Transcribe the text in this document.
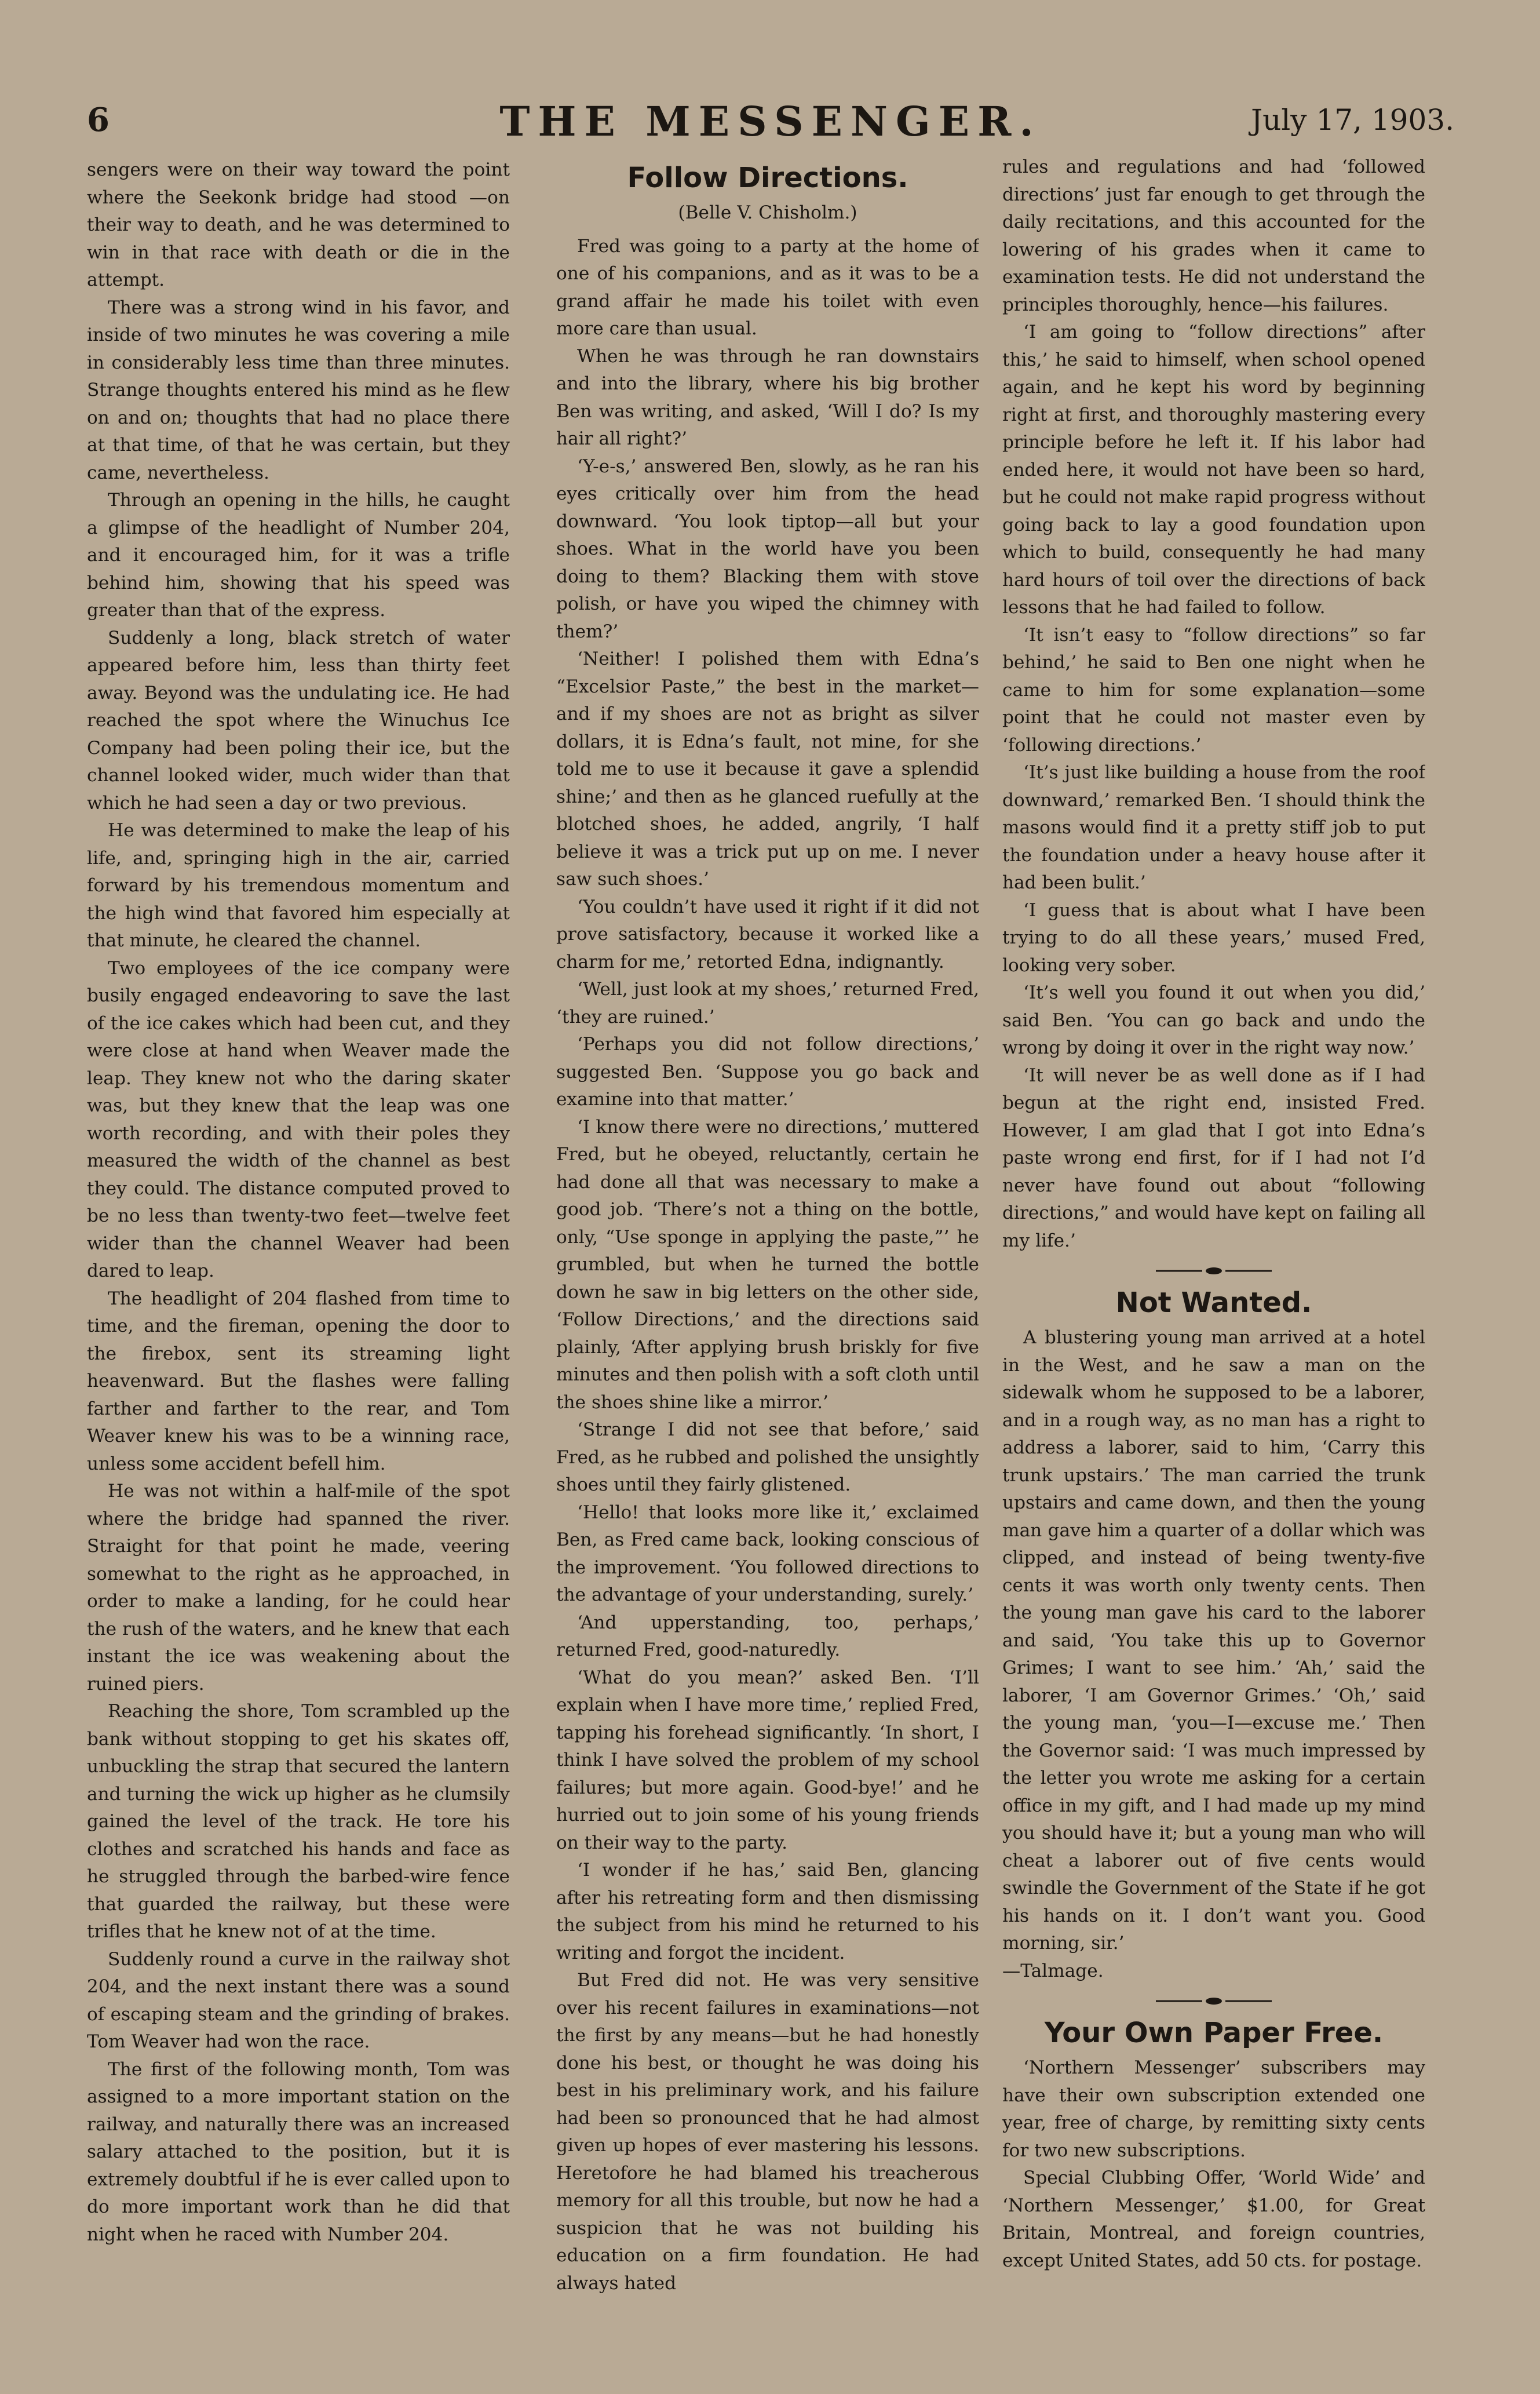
6	THE MESSENGER.	July 17, 1903.

sengers were on their way toward the point where the Seekonk bridge had stood —on their way to death, and he was determined to win in that race with death or die in the attempt.

There was a strong wind in his favor, and inside of two minutes he was covering a mile in considerably less time than three minutes. Strange thoughts entered his mind as he flew on and on; thoughts that had no place there at that time, of that he was certain, but they came, nevertheless.

Through an opening in the hills, he caught a glimpse of the headlight of Number 204, and it encouraged him, for it was a trifle behind him, showing that his speed was greater than that of the express.

Suddenly a long, black stretch of water appeared before him, less than thirty feet away. Beyond was the undulating ice. He had reached the spot where the Winuchus Ice Company had been poling their ice, but the channel looked wider, much wider than that which he had seen a day or two previous.

He was determined to make the leap of his life, and, springing high in the air, carried forward by his tremendous momentum and the high wind that favored him especially at that minute, he cleared the channel.

Two employees of the ice company were busily engaged endeavoring to save the last of the ice cakes which had been cut, and they were close at hand when Weaver made the leap. They knew not who the daring skater was, but they knew that the leap was one worth recording, and with their poles they measured the width of the channel as best they could. The distance computed proved to be no less than twenty-two feet—twelve feet wider than the channel Weaver had been dared to leap.

The headlight of 204 flashed from time to time, and the fireman, opening the door to the firebox, sent its streaming light heavenward. But the flashes were falling farther and farther to the rear, and Tom Weaver knew his was to be a winning race, unless some accident befell him.

He was not within a half-mile of the spot where the bridge had spanned the river. Straight for that point he made, veering somewhat to the right as he approached, in order to make a landing, for he could hear the rush of the waters, and he knew that each instant the ice was weakening about the ruined piers.

Reaching the shore, Tom scrambled up the bank without stopping to get his skates off, unbuckling the strap that secured the lantern and turning the wick up higher as he clumsily gained the level of the track. He tore his clothes and scratched his hands and face as he struggled through the barbed-wire fence that guarded the railway, but these were trifles that he knew not of at the time.

Suddenly round a curve in the railway shot 204, and the next instant there was a sound of escaping steam and the grinding of brakes. Tom Weaver had won the race.

The first of the following month, Tom was assigned to a more important station on the railway, and naturally there was an increased salary attached to the position, but it is extremely doubtful if he is ever called upon to do more important work than he did that night when he raced with Number 204.

Follow Directions.

(Belle V. Chisholm.)

Fred was going to a party at the home of one of his companions, and as it was to be a grand affair he made his toilet with even more care than usual.

When he was through he ran downstairs and into the library, where his big brother Ben was writing, and asked, ‘Will I do? Is my hair all right?’

‘Y-e-s,’ answered Ben, slowly, as he ran his eyes critically over him from the head downward. ‘You look tiptop—all but your shoes. What in the world have you been doing to them? Blacking them with stove polish, or have you wiped the chimney with them?’

‘Neither! I polished them with Edna’s “Excelsior Paste,” the best in the market—and if my shoes are not as bright as silver dollars, it is Edna’s fault, not mine, for she told me to use it because it gave a splendid shine;’ and then as he glanced ruefully at the blotched shoes, he added, angrily, ‘I half believe it was a trick put up on me. I never saw such shoes.’

‘You couldn’t have used it right if it did not prove satisfactory, because it worked like a charm for me,’ retorted Edna, indignantly.

‘Well, just look at my shoes,’ returned Fred, ‘they are ruined.’

‘Perhaps you did not follow directions,’ suggested Ben. ‘Suppose you go back and examine into that matter.’

‘I know there were no directions,’ muttered Fred, but he obeyed, reluctantly, certain he had done all that was necessary to make a good job. ‘There’s not a thing on the bottle, only, “Use sponge in applying the paste,”’ he grumbled, but when he turned the bottle down he saw in big letters on the other side, ‘Follow Directions,’ and the directions said plainly, ‘After applying brush briskly for five minutes and then polish with a soft cloth until the shoes shine like a mirror.’

‘Strange I did not see that before,’ said Fred, as he rubbed and polished the unsightly shoes until they fairly glistened.

‘Hello! that looks more like it,’ exclaimed Ben, as Fred came back, looking conscious of the improvement. ‘You followed directions to the advantage of your understanding, surely.’

‘And upperstanding, too, perhaps,’ returned Fred, good-naturedly.

‘What do you mean?’ asked Ben. ‘I’ll explain when I have more time,’ replied Fred, tapping his forehead significantly. ‘In short, I think I have solved the problem of my school failures; but more again. Good-bye!’ and he hurried out to join some of his young friends on their way to the party.

‘I wonder if he has,’ said Ben, glancing after his retreating form and then dismissing the subject from his mind he returned to his writing and forgot the incident.

But Fred did not. He was very sensitive over his recent failures in examinations—not the first by any means—but he had honestly done his best, or thought he was doing his best in his preliminary work, and his failure had been so pronounced that he had almost given up hopes of ever mastering his lessons. Heretofore he had blamed his treacherous memory for all this trouble, but now he had a suspicion that he was not building his education on a firm foundation. He had always hated

rules and regulations and had ‘followed directions’ just far enough to get through the daily recitations, and this accounted for the lowering of his grades when it came to examination tests. He did not understand the principles thoroughly, hence—his failures.

‘I am going to “follow directions” after this,’ he said to himself, when school opened again, and he kept his word by beginning right at first, and thoroughly mastering every principle before he left it. If his labor had ended here, it would not have been so hard, but he could not make rapid progress without going back to lay a good foundation upon which to build, consequently he had many hard hours of toil over the directions of back lessons that he had failed to follow.

‘It isn’t easy to “follow directions” so far behind,’ he said to Ben one night when he came to him for some explanation—some point that he could not master even by ‘following directions.’

‘It’s just like building a house from the roof downward,’ remarked Ben. ‘I should think the masons would find it a pretty stiff job to put the foundation under a heavy house after it had been bulit.’

‘I guess that is about what I have been trying to do all these years,’ mused Fred, looking very sober.

‘It’s well you found it out when you did,’ said Ben. ‘You can go back and undo the wrong by doing it over in the right way now.’

‘It will never be as well done as if I had begun at the right end, insisted Fred. However, I am glad that I got into Edna’s paste wrong end first, for if I had not I’d never have found out about “following directions,” and would have kept on failing all my life.’

Not Wanted.

A blustering young man arrived at a hotel in the West, and he saw a man on the sidewalk whom he supposed to be a laborer, and in a rough way, as no man has a right to address a laborer, said to him, ‘Carry this trunk upstairs.’ The man carried the trunk upstairs and came down, and then the young man gave him a quarter of a dollar which was clipped, and instead of being twenty-five cents it was worth only twenty cents. Then the young man gave his card to the laborer and said, ‘You take this up to Governor Grimes; I want to see him.’ ‘Ah,’ said the laborer, ‘I am Governor Grimes.’ ‘Oh,’ said the young man, ‘you—I—excuse me.’ Then the Governor said: ‘I was much impressed by the letter you wrote me asking for a certain office in my gift, and I had made up my mind you should have it; but a young man who will cheat a laborer out of five cents would swindle the Government of the State if he got his hands on it. I don’t want you. Good morning, sir.’

—Talmage.

Your Own Paper Free.

‘Northern Messenger’ subscribers may have their own subscription extended one year, free of charge, by remitting sixty cents for two new subscriptions.

Special Clubbing Offer, ‘World Wide’ and ‘Northern Messenger,’ $1.00, for Great Britain, Montreal, and foreign countries, except United States, add 50 cts. for postage.
